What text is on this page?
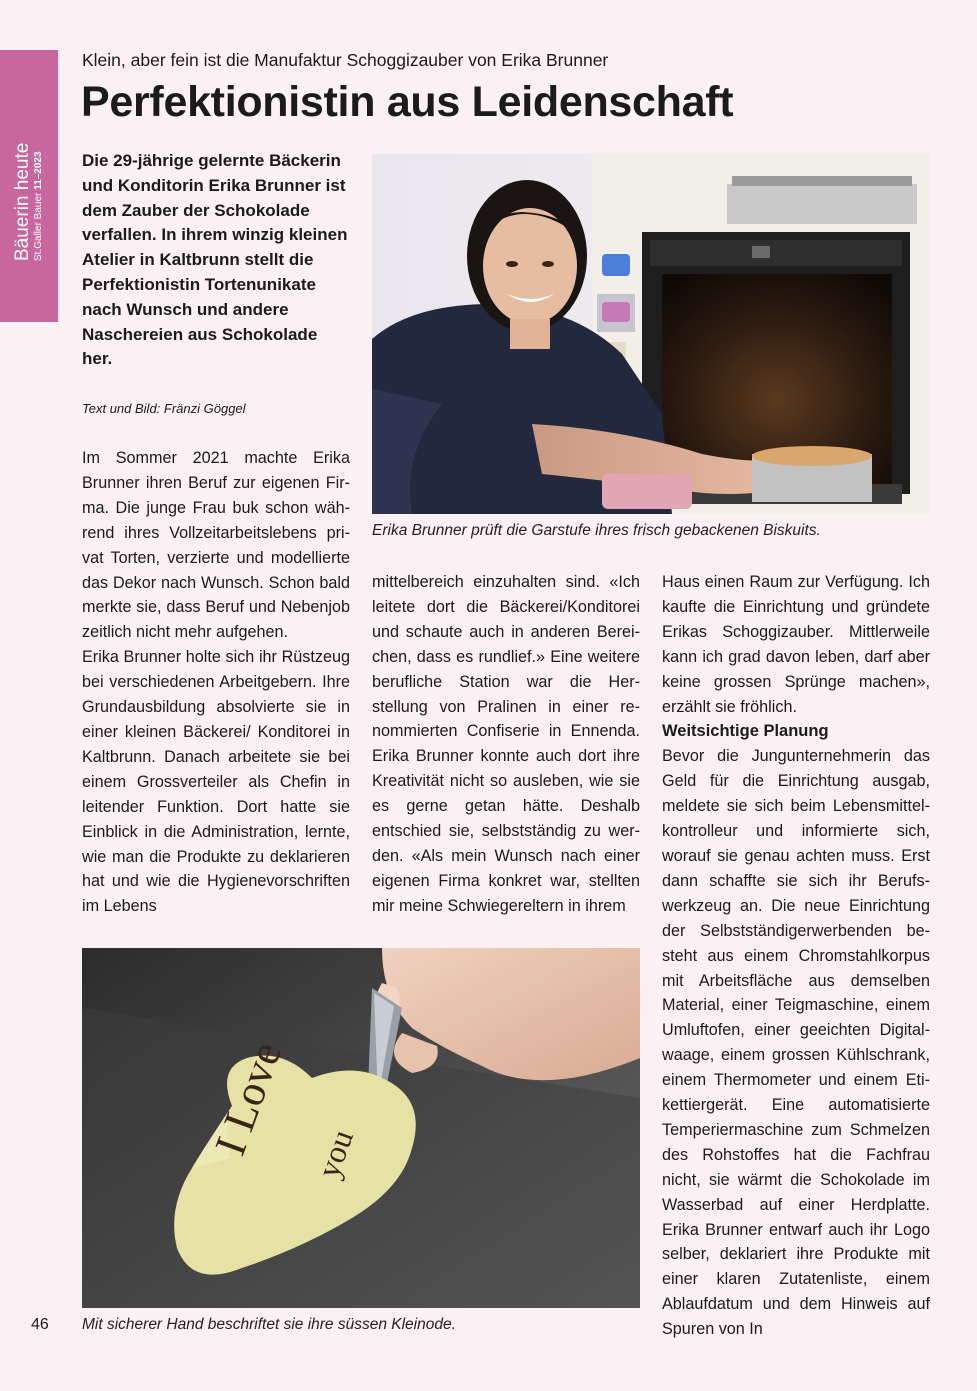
Bäuerin heute St.Galler Bauer 11–2023
Klein, aber fein ist die Manufaktur Schoggizauber von Erika Brunner
Perfektionistin aus Leidenschaft
Die 29-jährige gelernte Bäckerin und Konditorin Erika Brunner ist dem Zauber der Schokolade verfallen. In ihrem winzig kleinen Atelier in Kaltbrunn stellt die Perfektionistin Tortenunikate nach Wunsch und andere Naschereien aus Schokolade her.
Text und Bild: Fränzi Göggel
Erika Brunner prüft die Garstufe ihres frisch gebackenen Biskuits.

Im Sommer 2021 machte Erika Brunner ihren Beruf zur eigenen Firma. Die junge Frau buk schon während ihres Vollzeitarbeitslebens privat Torten, verzierte und modellierte das Dekor nach Wunsch. Schon bald merkte sie, dass Beruf und Nebenjob zeitlich nicht mehr aufgehen.

Erika Brunner holte sich ihr Rüstzeug bei verschiedenen Arbeitgebern. Ihre Grundausbildung absolvierte sie in einer kleinen Bäckerei/ Konditorei in Kaltbrunn. Danach arbeitete sie bei einem Grossverteiler als Chefin in leitender Funktion. Dort hatte sie Einblick in die Administration, lernte, wie man die Produkte zu deklarieren hat und wie die Hygienevorschriften im Lebens

mittelbereich einzuhalten sind. «Ich leitete dort die Bäckerei/Konditorei und schaute auch in anderen Bereichen, dass es rundlief.» Eine weitere berufliche Station war die Herstellung von Pralinen in einer renommierten Confiserie in Ennenda. Erika Brunner konnte auch dort ihre Kreativität nicht so ausleben, wie sie es gerne getan hätte. Deshalb entschied sie, selbstständig zu werden. «Als mein Wunsch nach einer eigenen Firma konkret war, stellten mir meine Schwiegereltern in ihrem

Haus einen Raum zur Verfügung. Ich kaufte die Einrichtung und gründete Erikas Schoggizauber. Mittlerweile kann ich grad davon leben, darf aber keine grossen Sprünge machen», erzählt sie fröhlich.

Weitsichtige Planung

Bevor die Jungunternehmerin das Geld für die Einrichtung ausgab, meldete sie sich beim Lebensmittelkontrolleur und informierte sich, worauf sie genau achten muss. Erst dann schaffte sie sich ihr Berufswerkzeug an. Die neue Einrichtung der Selbstständigerwerbenden besteht aus einem Chromstahlkorpus mit Arbeitsfläche aus demselben Material, einer Teigmaschine, einem Umluftofen, einer geeichten Digitalwaage, einem grossen Kühlschrank, einem Thermometer und einem Etikettiergerät. Eine automatisierte Temperiermaschine zum Schmelzen des Rohstoffes hat die Fachfrau nicht, sie wärmt die Schokolade im Wasserbad auf einer Herdplatte. Erika Brunner entwarf auch ihr Logo selber, deklariert ihre Produkte mit einer klaren Zutatenliste, einem Ablaufdatum und dem Hinweis auf Spuren von In

I Love you
Mit sicherer Hand beschriftet sie ihre süssen Kleinode.
46
